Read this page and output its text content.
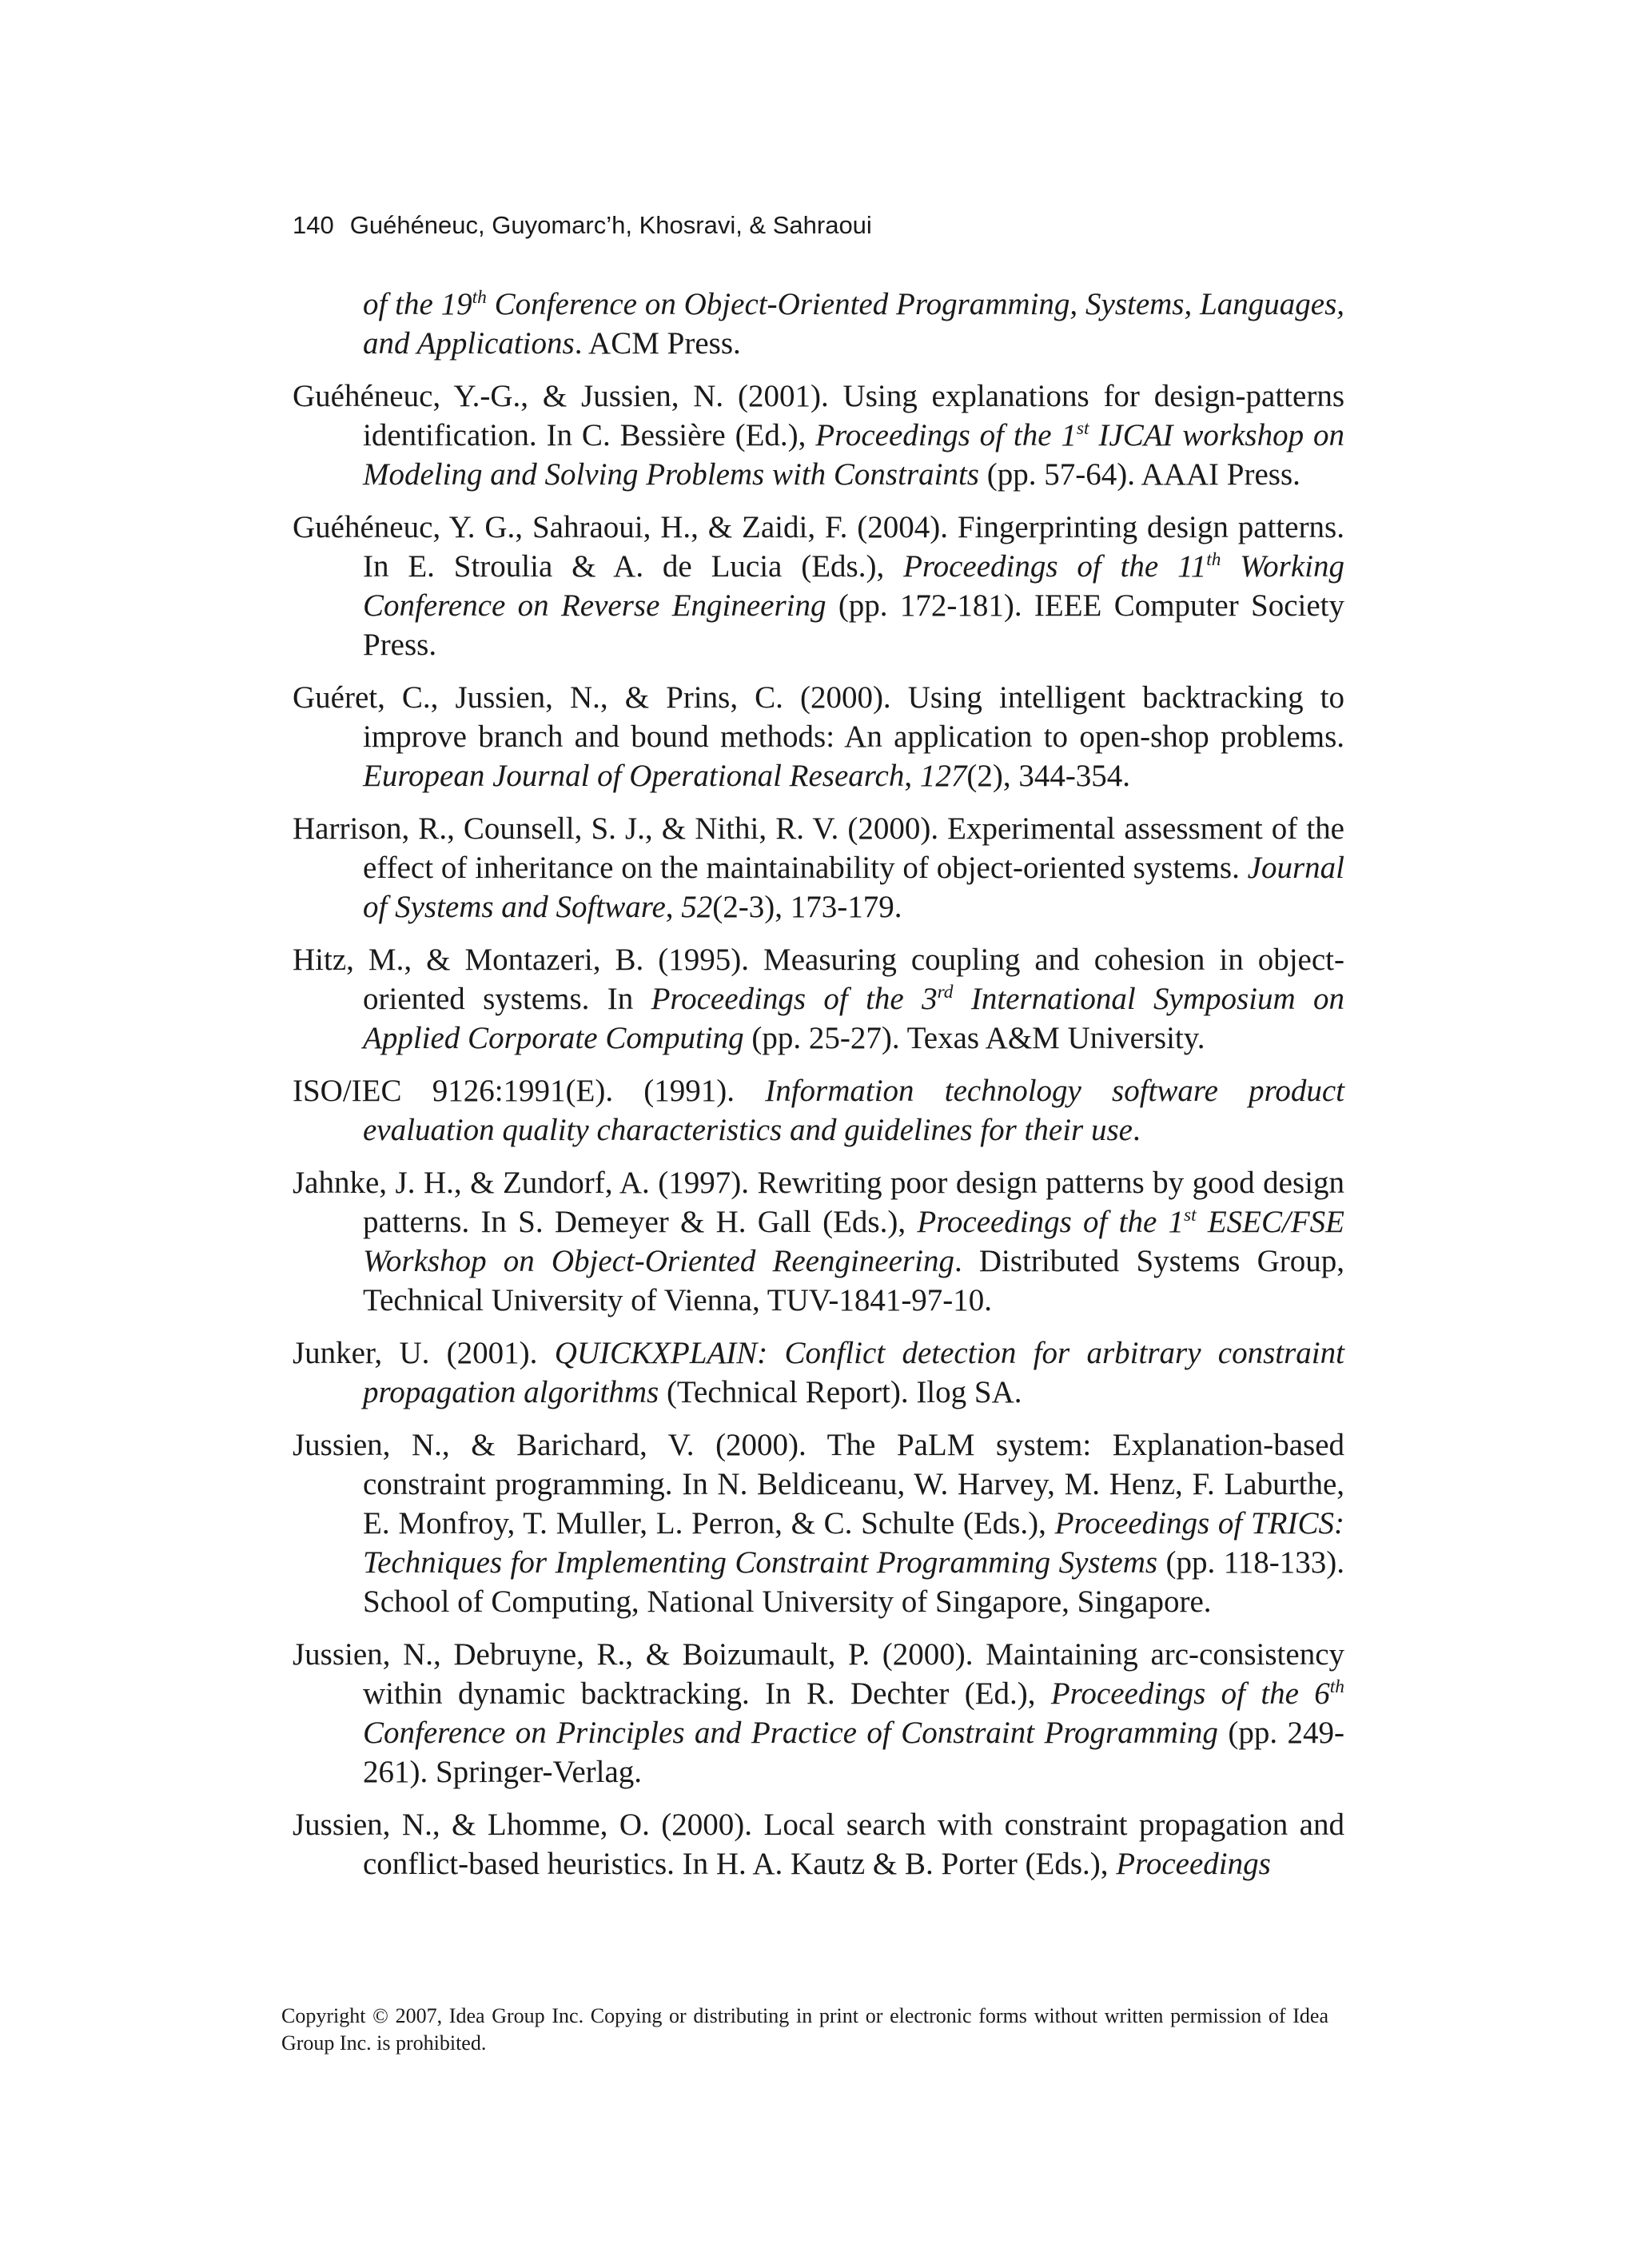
140 Guéhéneuc, Guyomarc’h, Khosravi, & Sahraoui

of the 19th Conference on Object-Oriented Programming, Systems, Languages, and Applications. ACM Press.

Guéhéneuc, Y.-G., & Jussien, N. (2001). Using explanations for design-patterns identification. In C. Bessière (Ed.), Proceedings of the 1st IJCAI workshop on Modeling and Solving Problems with Constraints (pp. 57-64). AAAI Press.

Guéhéneuc, Y. G., Sahraoui, H., & Zaidi, F. (2004). Fingerprinting design patterns. In E. Stroulia & A. de Lucia (Eds.), Proceedings of the 11th Working Conference on Reverse Engineering (pp. 172-181). IEEE Computer Society Press.

Guéret, C., Jussien, N., & Prins, C. (2000). Using intelligent backtracking to improve branch and bound methods: An application to open-shop problems. European Journal of Operational Research, 127(2), 344-354.

Harrison, R., Counsell, S. J., & Nithi, R. V. (2000). Experimental assessment of the effect of inheritance on the maintainability of object-oriented systems. Journal of Systems and Software, 52(2-3), 173-179.

Hitz, M., & Montazeri, B. (1995). Measuring coupling and cohesion in object-oriented systems. In Proceedings of the 3rd International Symposium on Applied Corporate Computing (pp. 25-27). Texas A&M University.

ISO/IEC 9126:1991(E). (1991). Information technology software product evaluation quality characteristics and guidelines for their use.

Jahnke, J. H., & Zundorf, A. (1997). Rewriting poor design patterns by good design patterns. In S. Demeyer & H. Gall (Eds.), Proceedings of the 1st ESEC/FSE Workshop on Object-Oriented Reengineering. Distributed Systems Group, Technical University of Vienna, TUV-1841-97-10.

Junker, U. (2001). QUICKXPLAIN: Conflict detection for arbitrary constraint propagation algorithms (Technical Report). Ilog SA.

Jussien, N., & Barichard, V. (2000). The PaLM system: Explanation-based constraint programming. In N. Beldiceanu, W. Harvey, M. Henz, F. Laburthe, E. Monfroy, T. Muller, L. Perron, & C. Schulte (Eds.), Proceedings of TRICS: Techniques for Implementing Constraint Programming Systems (pp. 118-133). School of Computing, National University of Singapore, Singapore.

Jussien, N., Debruyne, R., & Boizumault, P. (2000). Maintaining arc-consistency within dynamic backtracking. In R. Dechter (Ed.), Proceedings of the 6th Conference on Principles and Practice of Constraint Programming (pp. 249-261). Springer-Verlag.

Jussien, N., & Lhomme, O. (2000). Local search with constraint propagation and conflict-based heuristics. In H. A. Kautz & B. Porter (Eds.), Proceedings

Copyright © 2007, Idea Group Inc. Copying or distributing in print or electronic forms without written permission of Idea Group Inc. is prohibited.
